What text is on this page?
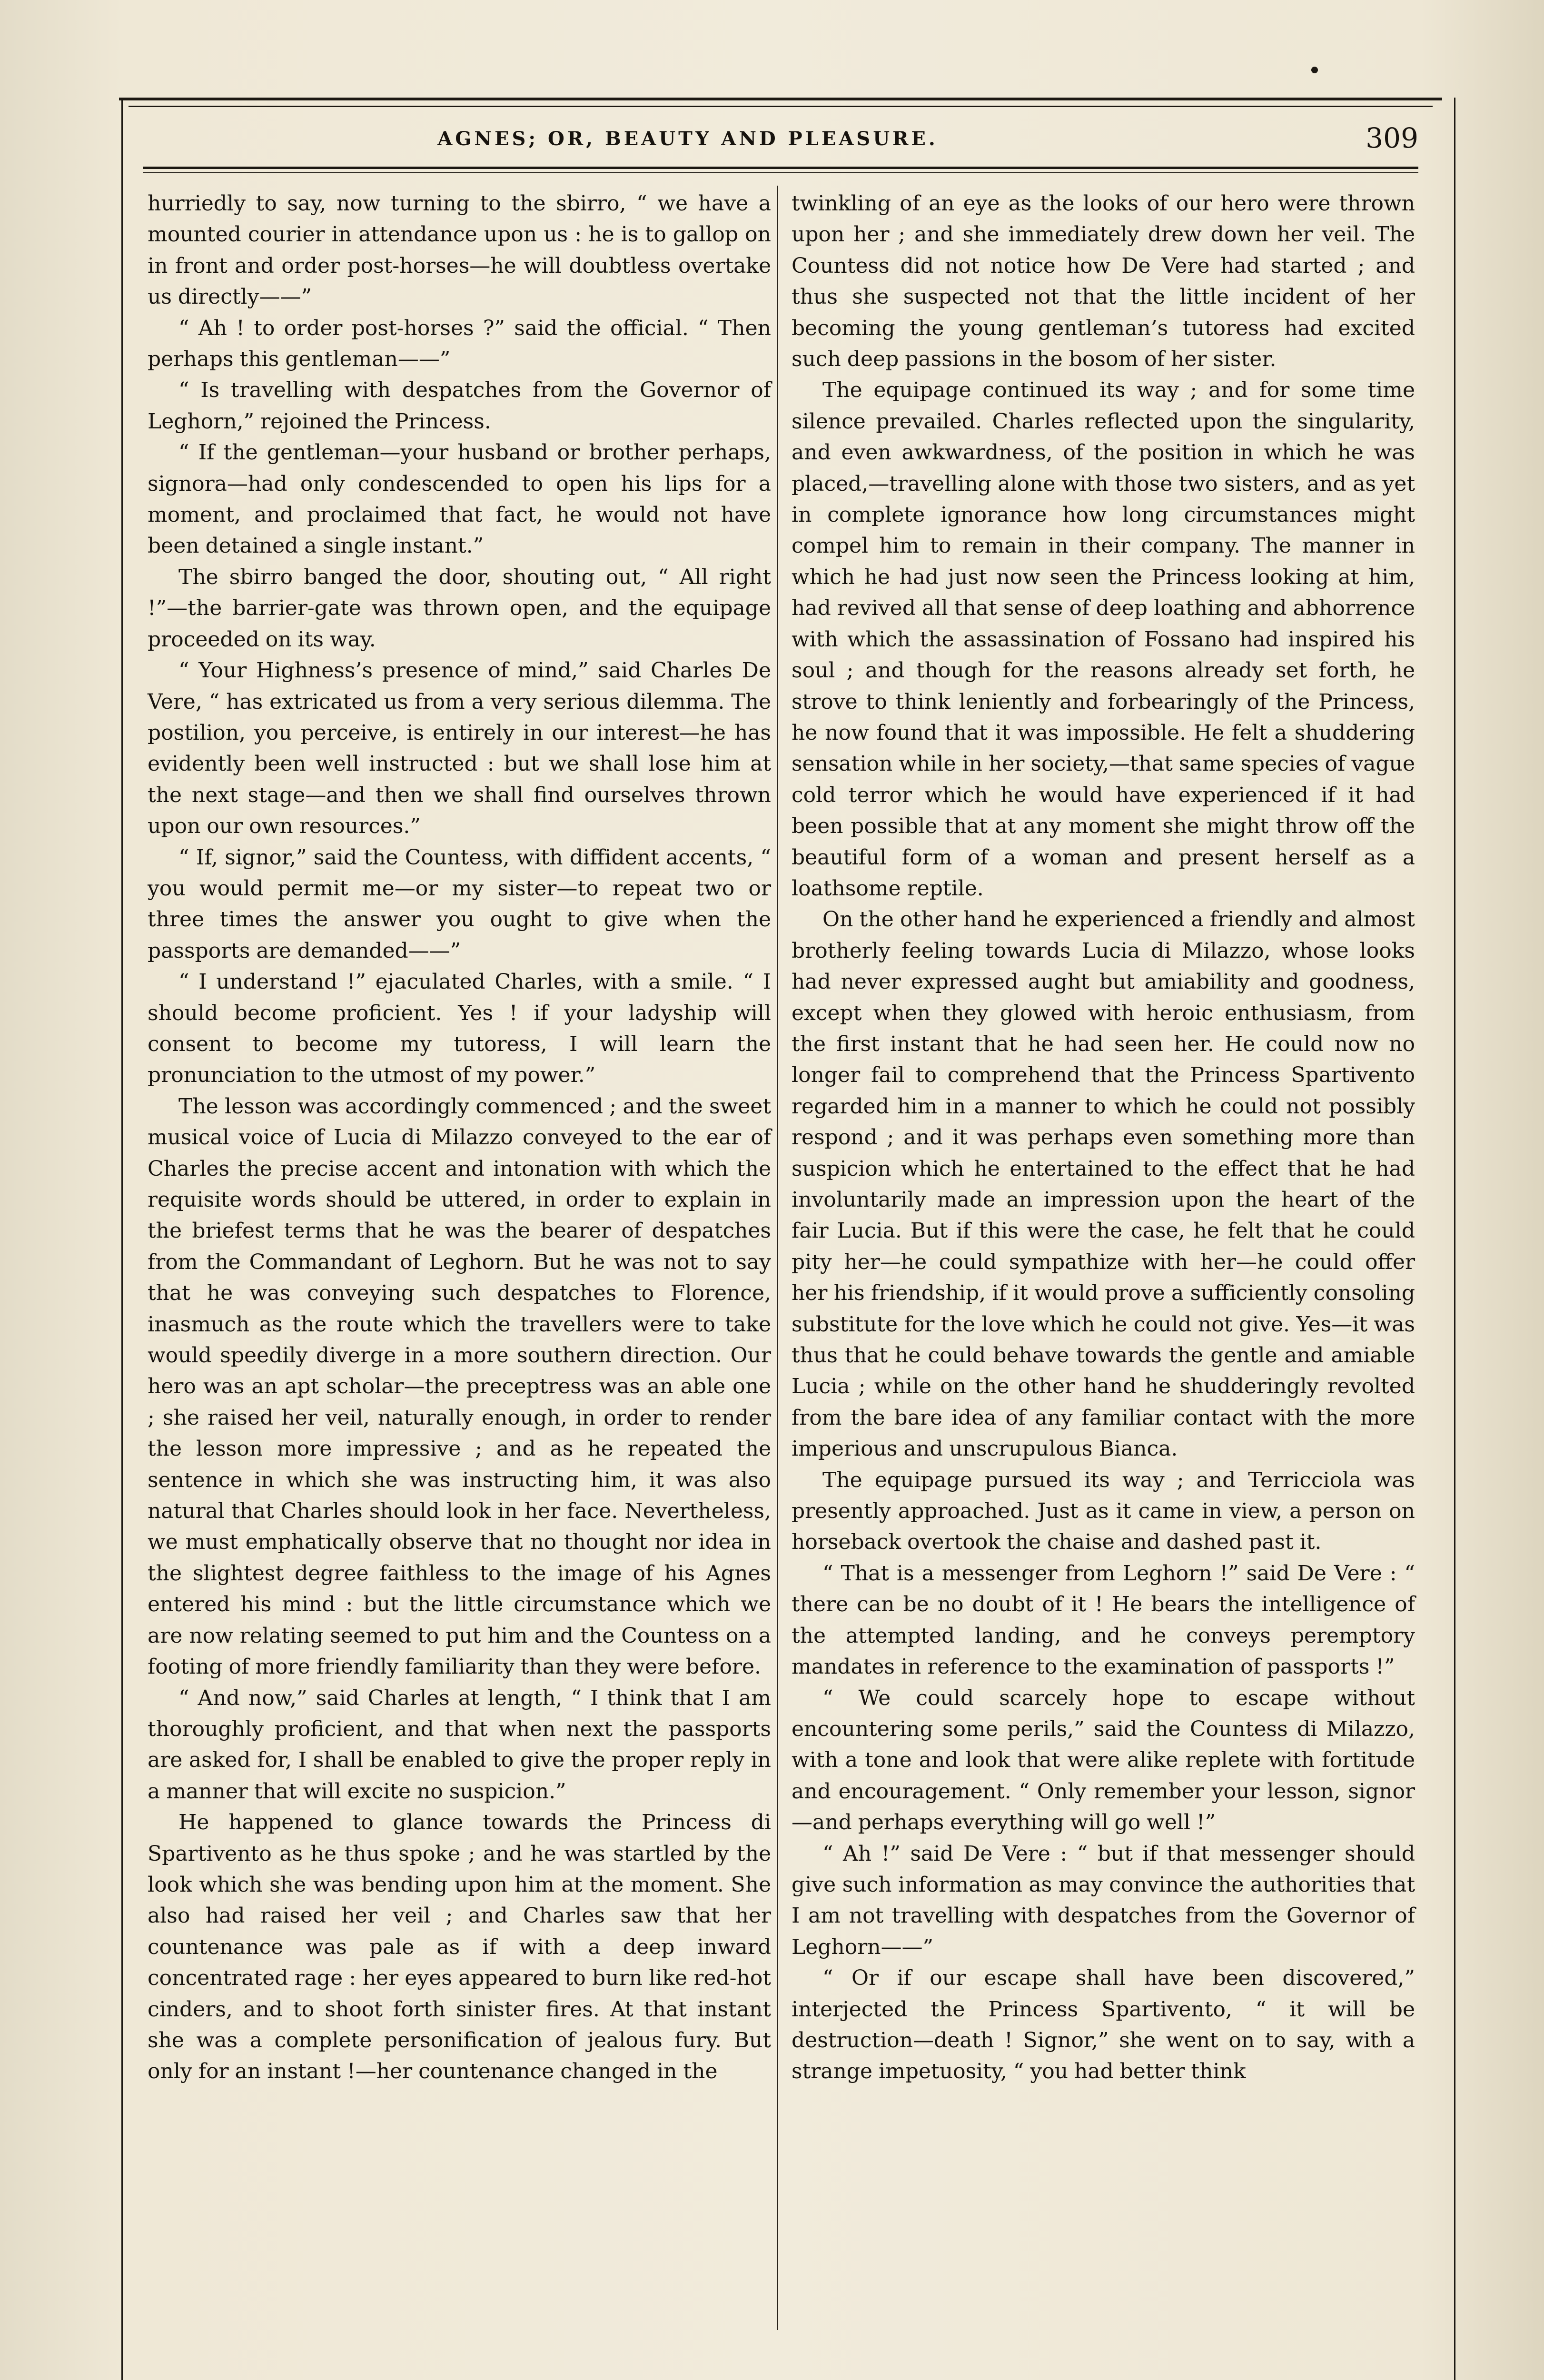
AGNES; OR, BEAUTY AND PLEASURE.	309

hurriedly to say, now turning to the sbirro, “ we have a mounted courier in attendance upon us : he is to gallop on in front and order post-horses—he will doubtless overtake us directly——”

“ Ah ! to order post-horses ?” said the official. “ Then perhaps this gentleman——”

“ Is travelling with despatches from the Governor of Leghorn,” rejoined the Princess.

“ If the gentleman—your husband or brother perhaps, signora—had only condescended to open his lips for a moment, and proclaimed that fact, he would not have been detained a single instant.”

The sbirro banged the door, shouting out, “ All right !”—the barrier-gate was thrown open, and the equipage proceeded on its way.

“ Your Highness’s presence of mind,” said Charles De Vere, “ has extricated us from a very serious dilemma. The postilion, you perceive, is entirely in our interest—he has evidently been well instructed : but we shall lose him at the next stage—and then we shall find ourselves thrown upon our own resources.”

“ If, signor,” said the Countess, with diffident accents, “ you would permit me—or my sister—to repeat two or three times the answer you ought to give when the passports are demanded——”

“ I understand !” ejaculated Charles, with a smile. “ I should become proficient. Yes ! if your ladyship will consent to become my tutoress, I will learn the pronunciation to the utmost of my power.”

The lesson was accordingly commenced ; and the sweet musical voice of Lucia di Milazzo conveyed to the ear of Charles the precise accent and intonation with which the requisite words should be uttered, in order to explain in the briefest terms that he was the bearer of despatches from the Commandant of Leghorn. But he was not to say that he was conveying such despatches to Florence, inasmuch as the route which the travellers were to take would speedily diverge in a more southern direction. Our hero was an apt scholar—the preceptress was an able one ; she raised her veil, naturally enough, in order to render the lesson more impressive ; and as he repeated the sentence in which she was instructing him, it was also natural that Charles should look in her face. Nevertheless, we must emphatically observe that no thought nor idea in the slightest degree faithless to the image of his Agnes entered his mind : but the little circumstance which we are now relating seemed to put him and the Countess on a footing of more friendly familiarity than they were before.

“ And now,” said Charles at length, “ I think that I am thoroughly proficient, and that when next the passports are asked for, I shall be enabled to give the proper reply in a manner that will excite no suspicion.”

He happened to glance towards the Princess di Spartivento as he thus spoke ; and he was startled by the look which she was bending upon him at the moment. She also had raised her veil ; and Charles saw that her countenance was pale as if with a deep inward concentrated rage : her eyes appeared to burn like red-hot cinders, and to shoot forth sinister fires. At that instant she was a complete personification of jealous fury. But only for an instant !—her countenance changed in the

twinkling of an eye as the looks of our hero were thrown upon her ; and she immediately drew down her veil. The Countess did not notice how De Vere had started ; and thus she suspected not that the little incident of her becoming the young gentleman’s tutoress had excited such deep passions in the bosom of her sister.

The equipage continued its way ; and for some time silence prevailed. Charles reflected upon the singularity, and even awkwardness, of the position in which he was placed,—travelling alone with those two sisters, and as yet in complete ignorance how long circumstances might compel him to remain in their company. The manner in which he had just now seen the Princess looking at him, had revived all that sense of deep loathing and abhorrence with which the assassination of Fossano had inspired his soul ; and though for the reasons already set forth, he strove to think leniently and forbearingly of the Princess, he now found that it was impossible. He felt a shuddering sensation while in her society,—that same species of vague cold terror which he would have experienced if it had been possible that at any moment she might throw off the beautiful form of a woman and present herself as a loathsome reptile.

On the other hand he experienced a friendly and almost brotherly feeling towards Lucia di Milazzo, whose looks had never expressed aught but amiability and goodness, except when they glowed with heroic enthusiasm, from the first instant that he had seen her. He could now no longer fail to comprehend that the Princess Spartivento regarded him in a manner to which he could not possibly respond ; and it was perhaps even something more than suspicion which he entertained to the effect that he had involuntarily made an impression upon the heart of the fair Lucia. But if this were the case, he felt that he could pity her—he could sympathize with her—he could offer her his friendship, if it would prove a sufficiently consoling substitute for the love which he could not give. Yes—it was thus that he could behave towards the gentle and amiable Lucia ; while on the other hand he shudderingly revolted from the bare idea of any familiar contact with the more imperious and unscrupulous Bianca.

The equipage pursued its way ; and Terricciola was presently approached. Just as it came in view, a person on horseback overtook the chaise and dashed past it.

“ That is a messenger from Leghorn !” said De Vere : “ there can be no doubt of it ! He bears the intelligence of the attempted landing, and he conveys peremptory mandates in reference to the examination of passports !”

“ We could scarcely hope to escape without encountering some perils,” said the Countess di Milazzo, with a tone and look that were alike replete with fortitude and encouragement. “ Only remember your lesson, signor—and perhaps everything will go well !”

“ Ah !” said De Vere : “ but if that messenger should give such information as may convince the authorities that I am not travelling with despatches from the Governor of Leghorn——”

“ Or if our escape shall have been discovered,” interjected the Princess Spartivento, “ it will be destruction—death ! Signor,” she went on to say, with a strange impetuosity, “ you had better think
